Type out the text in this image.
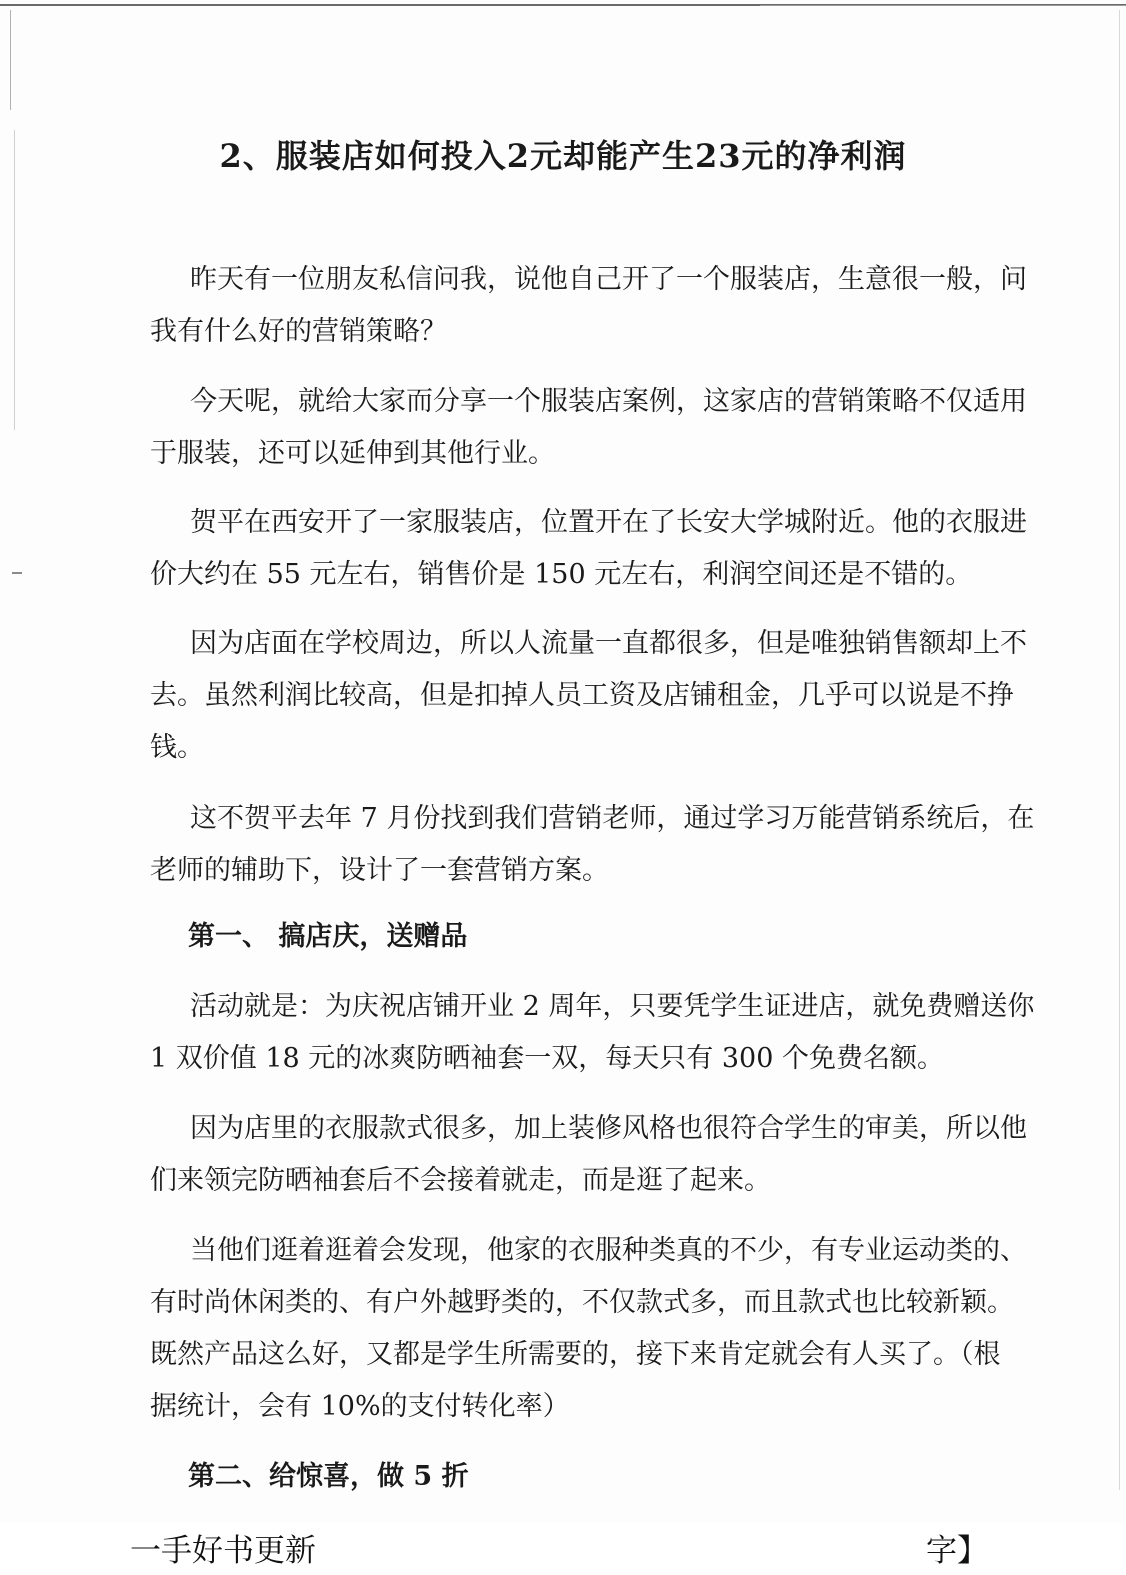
2、服装店如何投入2元却能产生23元的净利润

昨天有一位朋友私信问我，说他自己开了一个服装店，生意很一般，问
我有什么好的营销策略？

今天呢，就给大家而分享一个服装店案例，这家店的营销策略不仅适用
于服装，还可以延伸到其他行业。

贺平在西安开了一家服装店，位置开在了长安大学城附近。他的衣服进
价大约在 55 元左右，销售价是 150 元左右，利润空间还是不错的。

因为店面在学校周边，所以人流量一直都很多，但是唯独销售额却上不
去。虽然利润比较高，但是扣掉人员工资及店铺租金，几乎可以说是不挣
钱。

这不贺平去年 7 月份找到我们营销老师，通过学习万能营销系统后，在
老师的辅助下，设计了一套营销方案。

第一、 搞店庆，送赠品

活动就是：为庆祝店铺开业 2 周年，只要凭学生证进店，就免费赠送你
1 双价值 18 元的冰爽防晒袖套一双，每天只有 300 个免费名额。

因为店里的衣服款式很多，加上装修风格也很符合学生的审美，所以他
们来领完防晒袖套后不会接着就走，而是逛了起来。

当他们逛着逛着会发现，他家的衣服种类真的不少，有专业运动类的、
有时尚休闲类的、有户外越野类的，不仅款式多，而且款式也比较新颖。
既然产品这么好，又都是学生所需要的，接下来肯定就会有人买了。（根
据统计，会有 10%的支付转化率）

第二、给惊喜，做 5 折
一手好书更新	字】
